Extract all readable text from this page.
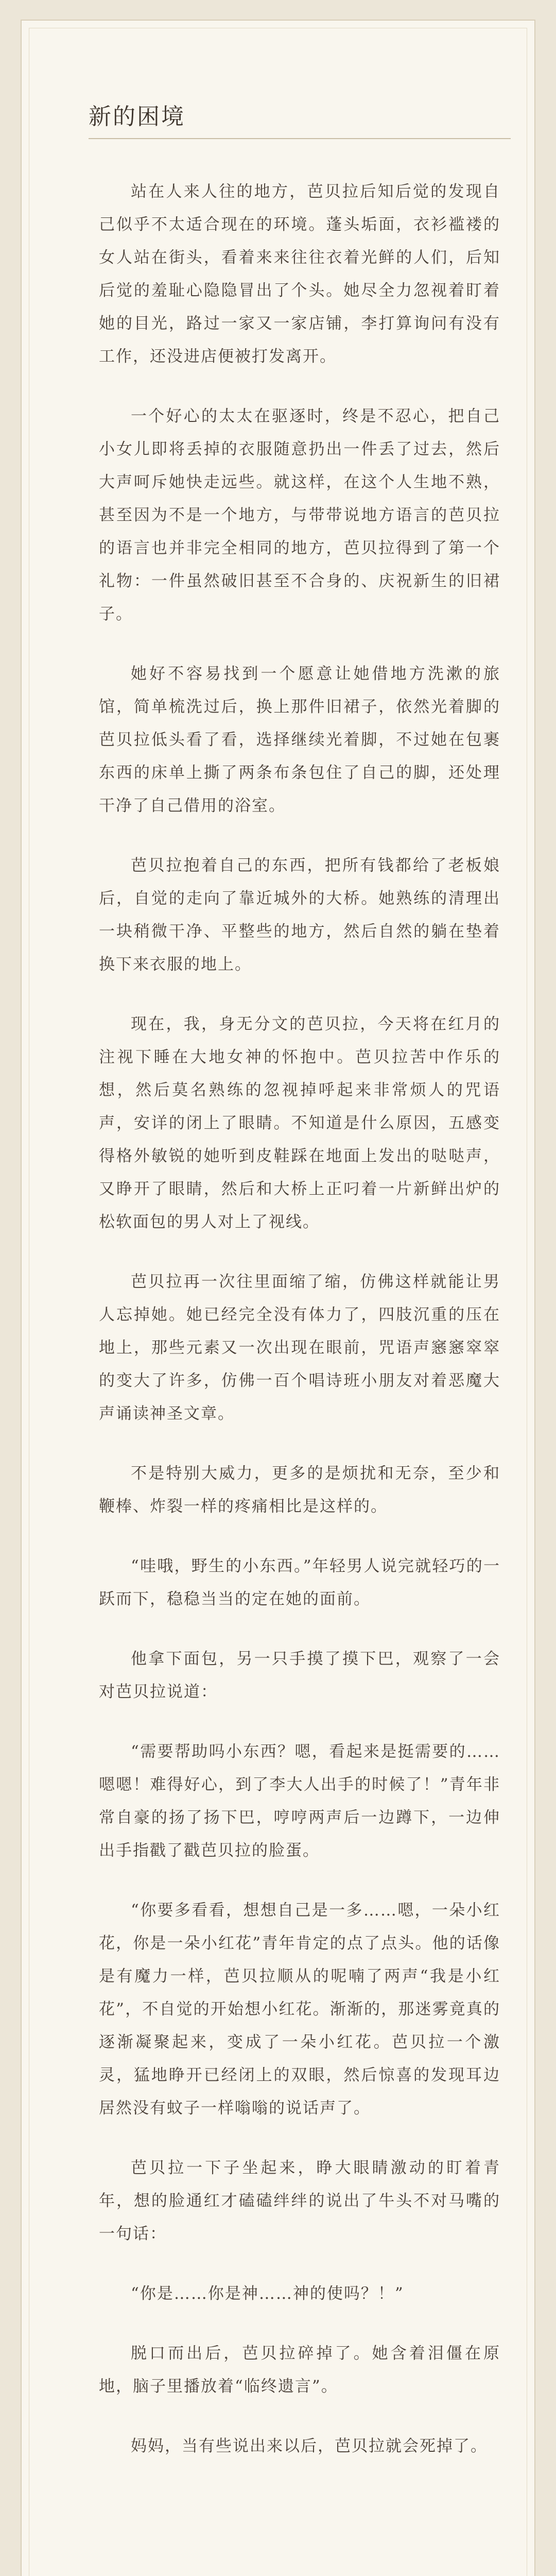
新的困境

站在人来人往的地方，芭贝拉后知后觉的发现自己似乎不太适合现在的环境。蓬头垢面，衣衫褴褛的女人站在街头，看着来来往往衣着光鲜的人们，后知后觉的羞耻心隐隐冒出了个头。她尽全力忽视着盯着她的目光，路过一家又一家店铺，李打算询问有没有工作，还没进店便被打发离开。

一个好心的太太在驱逐时，终是不忍心，把自己小女儿即将丢掉的衣服随意扔出一件丢了过去，然后大声呵斥她快走远些。就这样，在这个人生地不熟，甚至因为不是一个地方，与带带说地方语言的芭贝拉的语言也并非完全相同的地方，芭贝拉得到了第一个礼物：一件虽然破旧甚至不合身的、庆祝新生的旧裙子。

她好不容易找到一个愿意让她借地方洗漱的旅馆，简单梳洗过后，换上那件旧裙子，依然光着脚的芭贝拉低头看了看，选择继续光着脚，不过她在包裹东西的床单上撕了两条布条包住了自己的脚，还处理干净了自己借用的浴室。

芭贝拉抱着自己的东西，把所有钱都给了老板娘后，自觉的走向了靠近城外的大桥。她熟练的清理出一块稍微干净、平整些的地方，然后自然的躺在垫着换下来衣服的地上。

现在，我，身无分文的芭贝拉，今天将在红月的注视下睡在大地女神的怀抱中。芭贝拉苦中作乐的想，然后莫名熟练的忽视掉呼起来非常烦人的咒语声，安详的闭上了眼睛。不知道是什么原因，五感变得格外敏锐的她听到皮鞋踩在地面上发出的哒哒声，又睁开了眼睛，然后和大桥上正叼着一片新鲜出炉的松软面包的男人对上了视线。

芭贝拉再一次往里面缩了缩，仿佛这样就能让男人忘掉她。她已经完全没有体力了，四肢沉重的压在地上，那些元素又一次出现在眼前，咒语声窸窸窣窣的变大了许多，仿佛一百个唱诗班小朋友对着恶魔大声诵读神圣文章。

不是特别大威力，更多的是烦扰和无奈，至少和鞭棒、炸裂一样的疼痛相比是这样的。

“哇哦，野生的小东西。”年轻男人说完就轻巧的一跃而下，稳稳当当的定在她的面前。

他拿下面包，另一只手摸了摸下巴，观察了一会对芭贝拉说道：

“需要帮助吗小东西？嗯，看起来是挺需要的……嗯嗯！难得好心，到了李大人出手的时候了！”青年非常自豪的扬了扬下巴，哼哼两声后一边蹲下，一边伸出手指戳了戳芭贝拉的脸蛋。

“你要多看看，想想自己是一多……嗯，一朵小红花，你是一朵小红花”青年肯定的点了点头。他的话像是有魔力一样，芭贝拉顺从的呢喃了两声“我是小红花”，不自觉的开始想小红花。渐渐的，那迷雾竟真的逐渐凝聚起来，变成了一朵小红花。芭贝拉一个激灵，猛地睁开已经闭上的双眼，然后惊喜的发现耳边居然没有蚊子一样嗡嗡的说话声了。

芭贝拉一下子坐起来，睁大眼睛激动的盯着青年，想的脸通红才磕磕绊绊的说出了牛头不对马嘴的一句话：

“你是……你是神……神的使吗？！”

脱口而出后，芭贝拉碎掉了。她含着泪僵在原地，脑子里播放着“临终遗言”。

妈妈，当有些说出来以后，芭贝拉就会死掉了。
